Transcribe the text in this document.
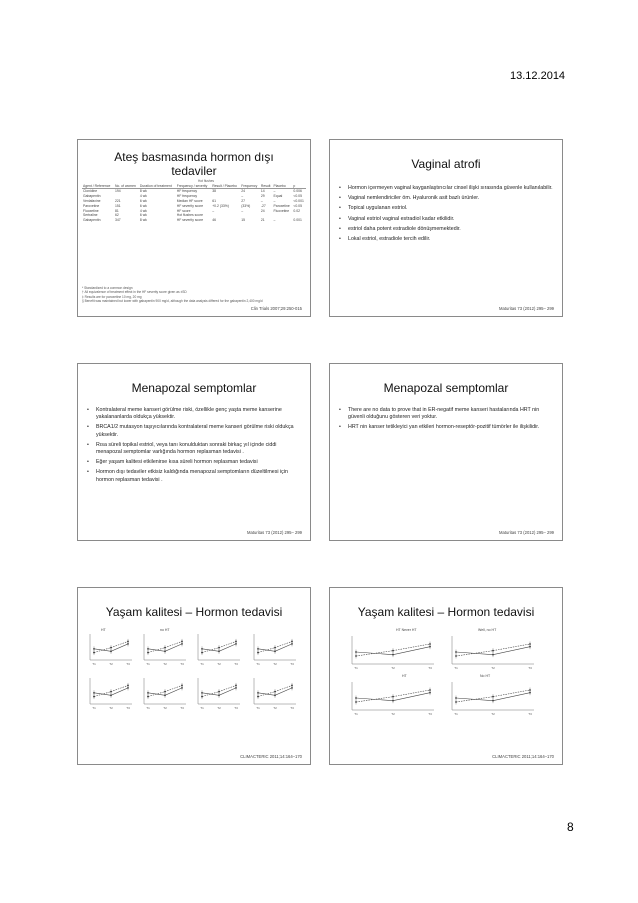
13.12.2014
Ateş basmasında hormon dışı
tedaviler
Hot flushes
Agent / Reference	No. of women	Duration of treatment	Frequency / severity	Result / Placebo	Frequency	Result	Placebo	p
Clonidine	194	8 wk	HF frequency	38	24	14	–	0.006
Gabapentin		4 wk	HF frequency		–	29	Equal	<0.05
Venlafaxine	221	6 wk	Median HF score	61	27	–	–	<0.001
Paroxetine	151	6 wk	HF severity score	+0.2 (33%)	(33%)	-27	Paroxetine	<0.05
Fluoxetine	81	4 wk	HF score	–	–	24	Fluoxetine	0.02
Sertraline	62	6 wk	Hot flushes score					
Gabapentin	347	8 wk	HF severity score	46	15	21	–	0.001
* Standardized to a common design
† All equivalence of treatment effect in the HF severity score given as ±SD
‡ Results are for paroxetine 10 mg, 20 mg
§ Benefit was maintained but lower with gabapentin 900 mg/d, although the data analysis differed for the gabapentin 2,400 mg/d
Clin Trials 2007;29:250-015
Vaginal atrofi
• Hormon içermeyen vaginal kayganlaştırıcılar cinsel ilişki sırasında güvenle kullanılabilir.
• Vaginal nemlendiriciler öm. Hyaluronik asit bazlı ürünler.
• Topical uygulanan estriol.
• Vaginal estriol vaginal estradiol kadar etkilidir.
• estriol daha potent estradiole dönüşmemektedir.
• Lokal estriol, estradiole tercih edilir.
Maturitas 73 (2012) 295– 299
Menapozal semptomlar
• Kontralateral meme kanseri görülme riski, özellikle genç yaşta meme kanserine yakalananlarda oldukça yüksektir.
• BRCA1/2 mutasyon taşıyıcılarında kontralateral meme kanseri görülme riski oldukça yüksektir.
• Rısa süreli topikal estriol, veya tanı konulduktan sonraki birkaç yıl içinde ciddi menapozal semptomlar varlığında hormon replasman tedavisi .
• Eğer yaşam kalitesi etkilenirse kısa süreli hormon replasman tedavisi
• Hormon dışı tedaviler etkisiz kaldığında menapozal semptomların düzeltilmesi için hormon replasman tedavisi .
Maturitas 73 (2012) 295– 299
Menapozal semptomlar
• There are no data to prove that in ER-negatif meme kanseri hastalarında HRT nin güvenli olduğunu gösteren veri yoktur.
• HRT nin kanser tetikleyici yan etkileri hormon-reseptör-pozitif tümörler ile ilişkilidir.
Maturitas 73 (2012) 295– 299
Yaşam kalitesi – Hormon tedavisi
HT	no HT
T1	T2	T3	T1	T2	T3	T1	T2	T3	T1	T2	T3
T1	T2	T3	T1	T2	T3	T1	T2	T3	T1	T2	T3
CLIMACTERIC 2011;14:164–170
Yaşam kalitesi – Hormon tedavisi
HT Never HT	Well, no HT
HT	No HT
T1	T2	T3	T1	T2	T3
T1	T2	T3	T1	T2	T3
CLIMACTERIC 2011;14:164–170
8
